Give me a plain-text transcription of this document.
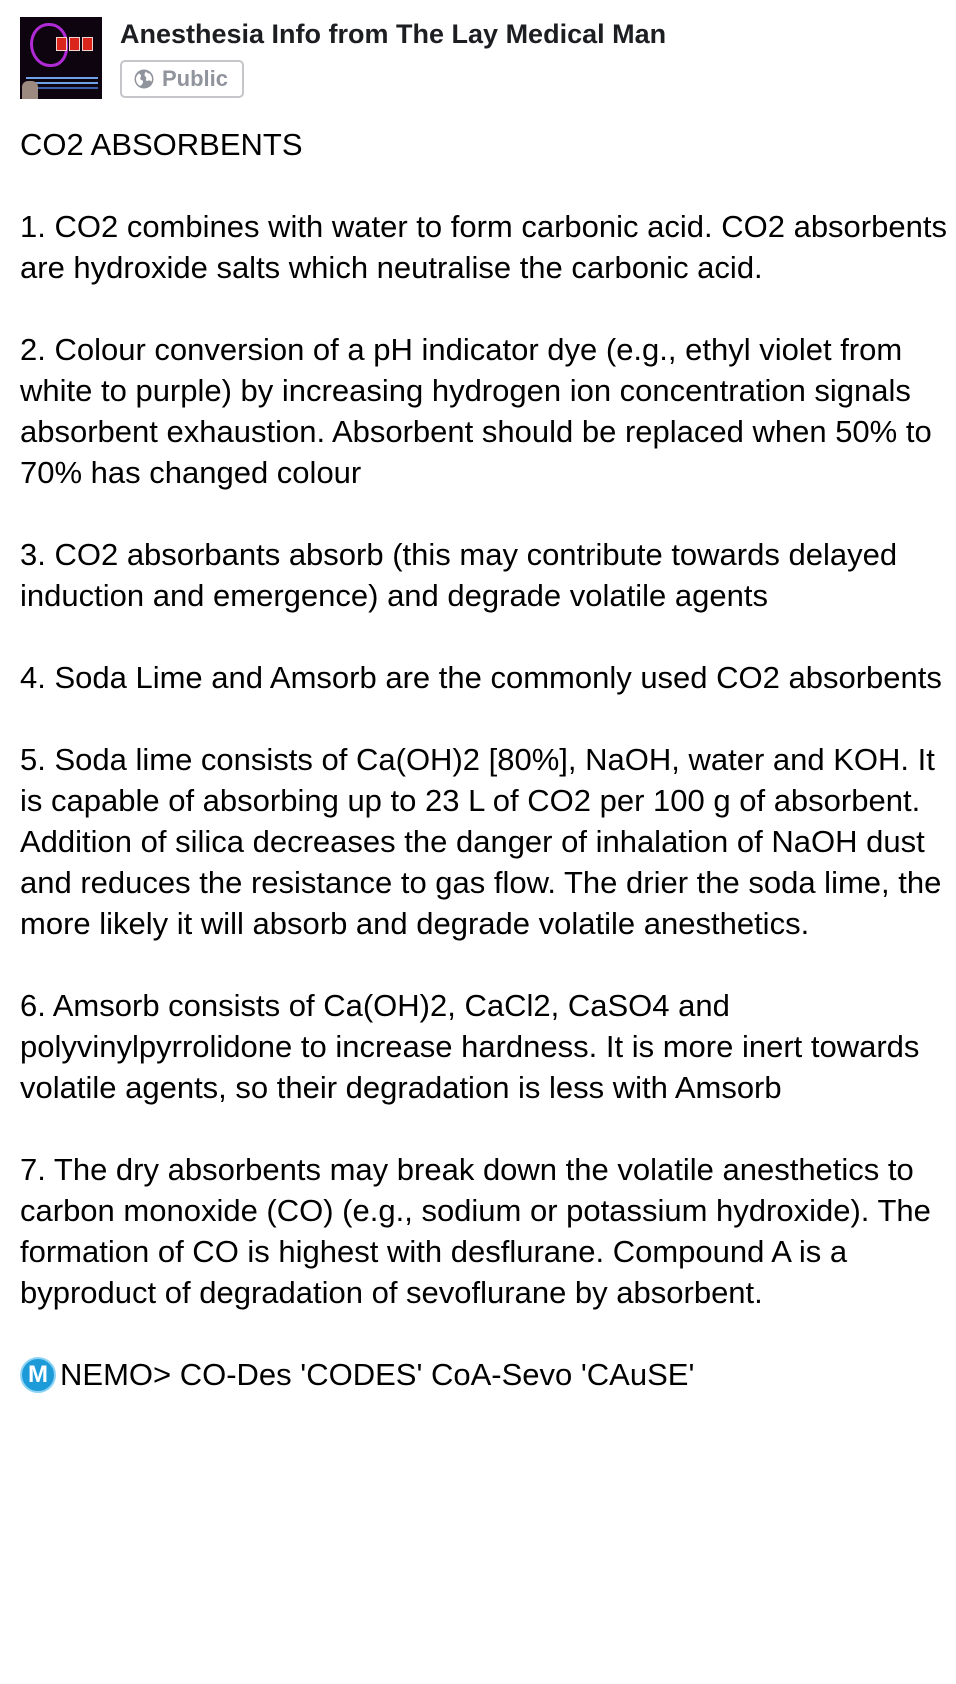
Anesthesia Info from The Lay Medical Man
Public

CO2 ABSORBENTS

1. CO2 combines with water to form carbonic acid. CO2 absorbents are hydroxide salts which neutralise the carbonic acid.

2. Colour conversion of a pH indicator dye (e.g., ethyl violet from white to purple) by increasing hydrogen ion concentration signals absorbent exhaustion. Absorbent should be replaced when 50% to 70% has changed colour

3. CO2 absorbants absorb (this may contribute towards delayed induction and emergence) and degrade volatile agents

4. Soda Lime and Amsorb are the commonly used CO2 absorbents

5. Soda lime consists of Ca(OH)2 [80%], NaOH, water and KOH. It is capable of absorbing up to 23 L of CO2 per 100 g of absorbent. Addition of silica decreases the danger of inhalation of NaOH dust and reduces the resistance to gas flow. The drier the soda lime, the more likely it will absorb and degrade volatile anesthetics.

6. Amsorb consists of Ca(OH)2, CaCl2, CaSO4 and polyvinylpyrrolidone to increase hardness. It is more inert towards volatile agents, so their degradation is less with Amsorb

7. The dry absorbents may break down the volatile anesthetics to carbon monoxide (CO) (e.g., sodium or potassium hydroxide). The formation of CO is highest with desflurane. Compound A is a byproduct of degradation of sevoflurane by absorbent.

M NEMO> CO-Des 'CODES' CoA-Sevo 'CAuSE'
